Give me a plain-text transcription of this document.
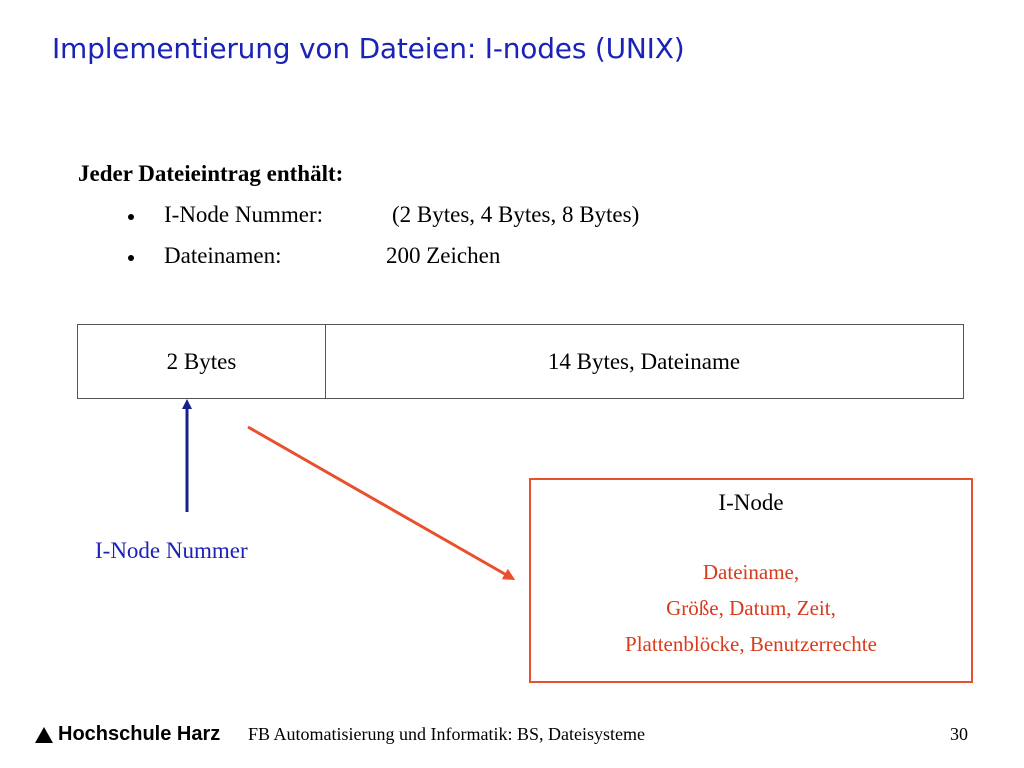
Implementierung von Dateien: I-nodes (UNIX)
Jeder Dateieintrag enthält:
I-Node Nummer:	(2 Bytes, 4 Bytes, 8 Bytes)
Dateinamen:	200 Zeichen
2 Bytes	14 Bytes, Dateiname
I-Node Nummer
I-Node
Dateiname,
Größe, Datum, Zeit,
Plattenblöcke, Benutzerrechte
Hochschule Harz FB Automatisierung und Informatik: BS, Dateisysteme	30
